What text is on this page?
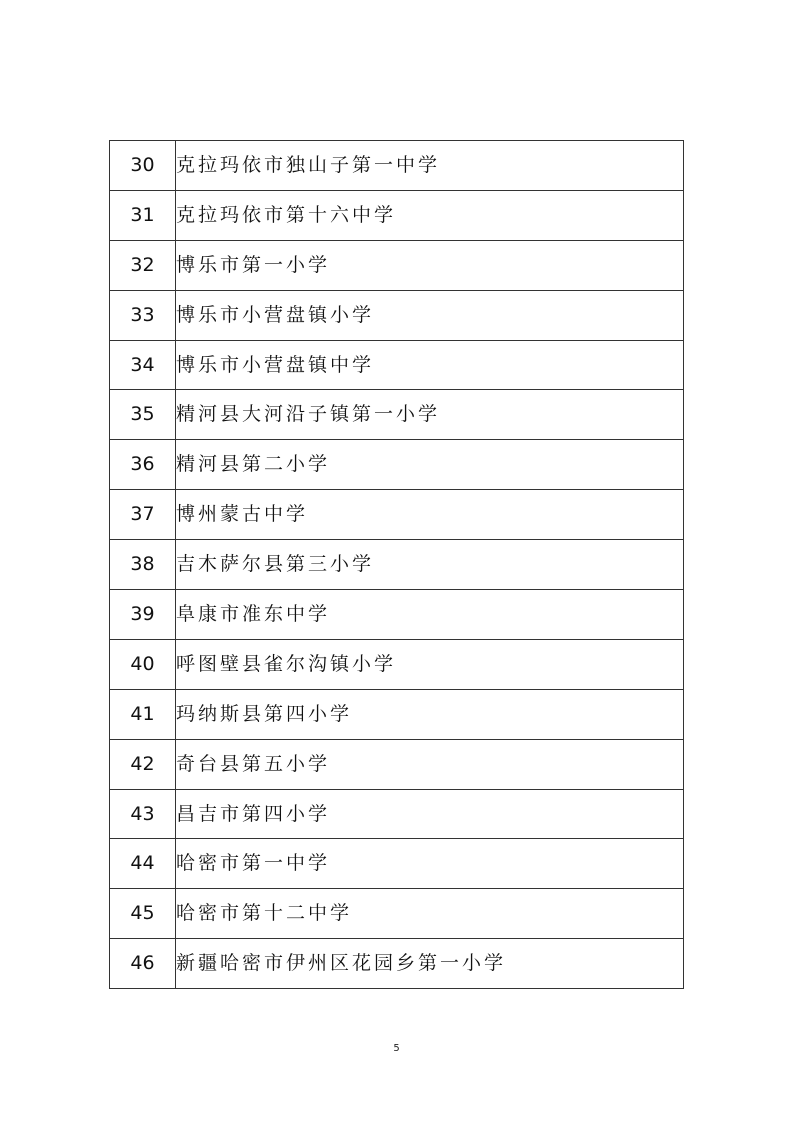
30	克拉玛依市独山子第一中学
31	克拉玛依市第十六中学
32	博乐市第一小学
33	博乐市小营盘镇小学
34	博乐市小营盘镇中学
35	精河县大河沿子镇第一小学
36	精河县第二小学
37	博州蒙古中学
38	吉木萨尔县第三小学
39	阜康市准东中学
40	呼图壁县雀尔沟镇小学
41	玛纳斯县第四小学
42	奇台县第五小学
43	昌吉市第四小学
44	哈密市第一中学
45	哈密市第十二中学
46	新疆哈密市伊州区花园乡第一小学
5
